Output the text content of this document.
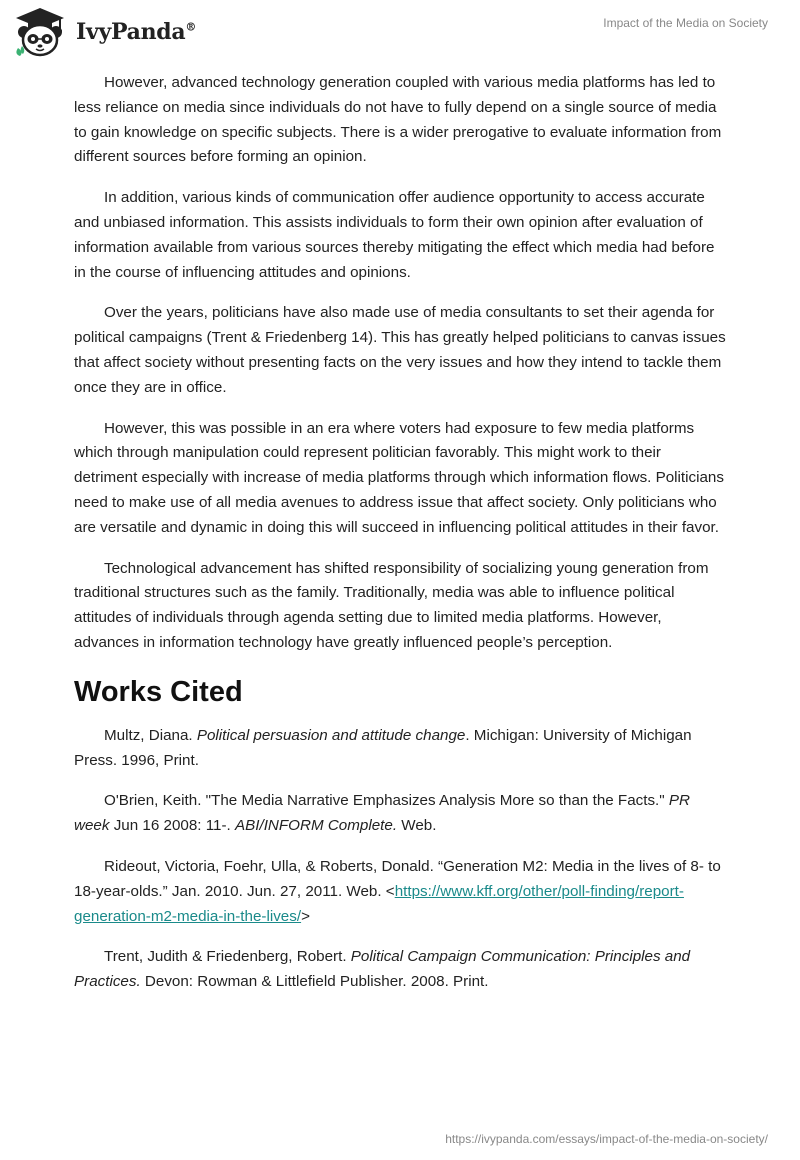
IvyPanda®	Impact of the Media on Society

However, advanced technology generation coupled with various media platforms has led to less reliance on media since individuals do not have to fully depend on a single source of media to gain knowledge on specific subjects. There is a wider prerogative to evaluate information from different sources before forming an opinion.

In addition, various kinds of communication offer audience opportunity to access accurate and unbiased information. This assists individuals to form their own opinion after evaluation of information available from various sources thereby mitigating the effect which media had before in the course of influencing attitudes and opinions.

Over the years, politicians have also made use of media consultants to set their agenda for political campaigns (Trent & Friedenberg 14). This has greatly helped politicians to canvas issues that affect society without presenting facts on the very issues and how they intend to tackle them once they are in office.

However, this was possible in an era where voters had exposure to few media platforms which through manipulation could represent politician favorably. This might work to their detriment especially with increase of media platforms through which information flows. Politicians need to make use of all media avenues to address issue that affect society. Only politicians who are versatile and dynamic in doing this will succeed in influencing political attitudes in their favor.

Technological advancement has shifted responsibility of socializing young generation from traditional structures such as the family. Traditionally, media was able to influence political attitudes of individuals through agenda setting due to limited media platforms. However, advances in information technology have greatly influenced people’s perception.

Works Cited

Multz, Diana. Political persuasion and attitude change. Michigan: University of Michigan Press. 1996, Print.

O'Brien, Keith. "The Media Narrative Emphasizes Analysis More so than the Facts." PR week Jun 16 2008: 11-. ABI/INFORM Complete. Web.

Rideout, Victoria, Foehr, Ulla, & Roberts, Donald. “Generation M2: Media in the lives of 8- to 18-year-olds.” Jan. 2010. Jun. 27, 2011. Web. <https://www.kff.org/other/poll-finding/report-generation-m2-media-in-the-lives/>

Trent, Judith & Friedenberg, Robert. Political Campaign Communication: Principles and Practices. Devon: Rowman & Littlefield Publisher. 2008. Print.

https://ivypanda.com/essays/impact-of-the-media-on-society/
